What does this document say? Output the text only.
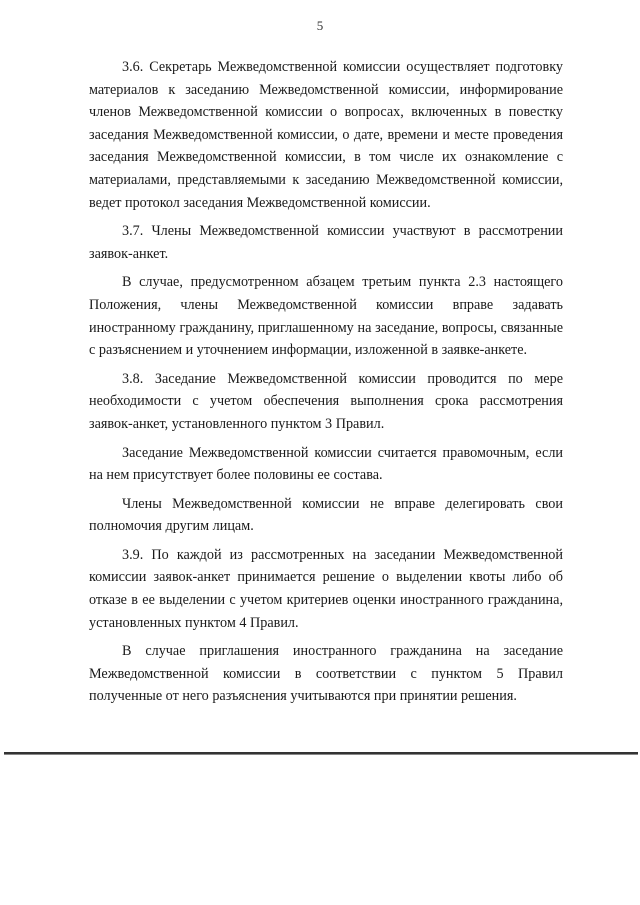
5

3.6. Секретарь Межведомственной комиссии осуществляет подготовку материалов к заседанию Межведомственной комиссии, информирование членов Межведомственной комиссии о вопросах, включенных в повестку заседания Межведомственной комиссии, о дате, времени и месте проведения заседания Межведомственной комиссии, в том числе их ознакомление с материалами, представляемыми к заседанию Межведомственной комиссии, ведет протокол заседания Межведомственной комиссии.

3.7. Члены Межведомственной комиссии участвуют в рассмотрении заявок-анкет.

В случае, предусмотренном абзацем третьим пункта 2.3 настоящего Положения, члены Межведомственной комиссии вправе задавать иностранному гражданину, приглашенному на заседание, вопросы, связанные с разъяснением и уточнением информации, изложенной в заявке-анкете.

3.8. Заседание Межведомственной комиссии проводится по мере необходимости с учетом обеспечения выполнения срока рассмотрения заявок-анкет, установленного пунктом 3 Правил.

Заседание Межведомственной комиссии считается правомочным, если на нем присутствует более половины ее состава.

Члены Межведомственной комиссии не вправе делегировать свои полномочия другим лицам.

3.9. По каждой из рассмотренных на заседании Межведомственной комиссии заявок-анкет принимается решение о выделении квоты либо об отказе в ее выделении с учетом критериев оценки иностранного гражданина, установленных пунктом 4 Правил.

В случае приглашения иностранного гражданина на заседание Межведомственной комиссии в соответствии с пунктом 5 Правил полученные от него разъяснения учитываются при принятии решения.
